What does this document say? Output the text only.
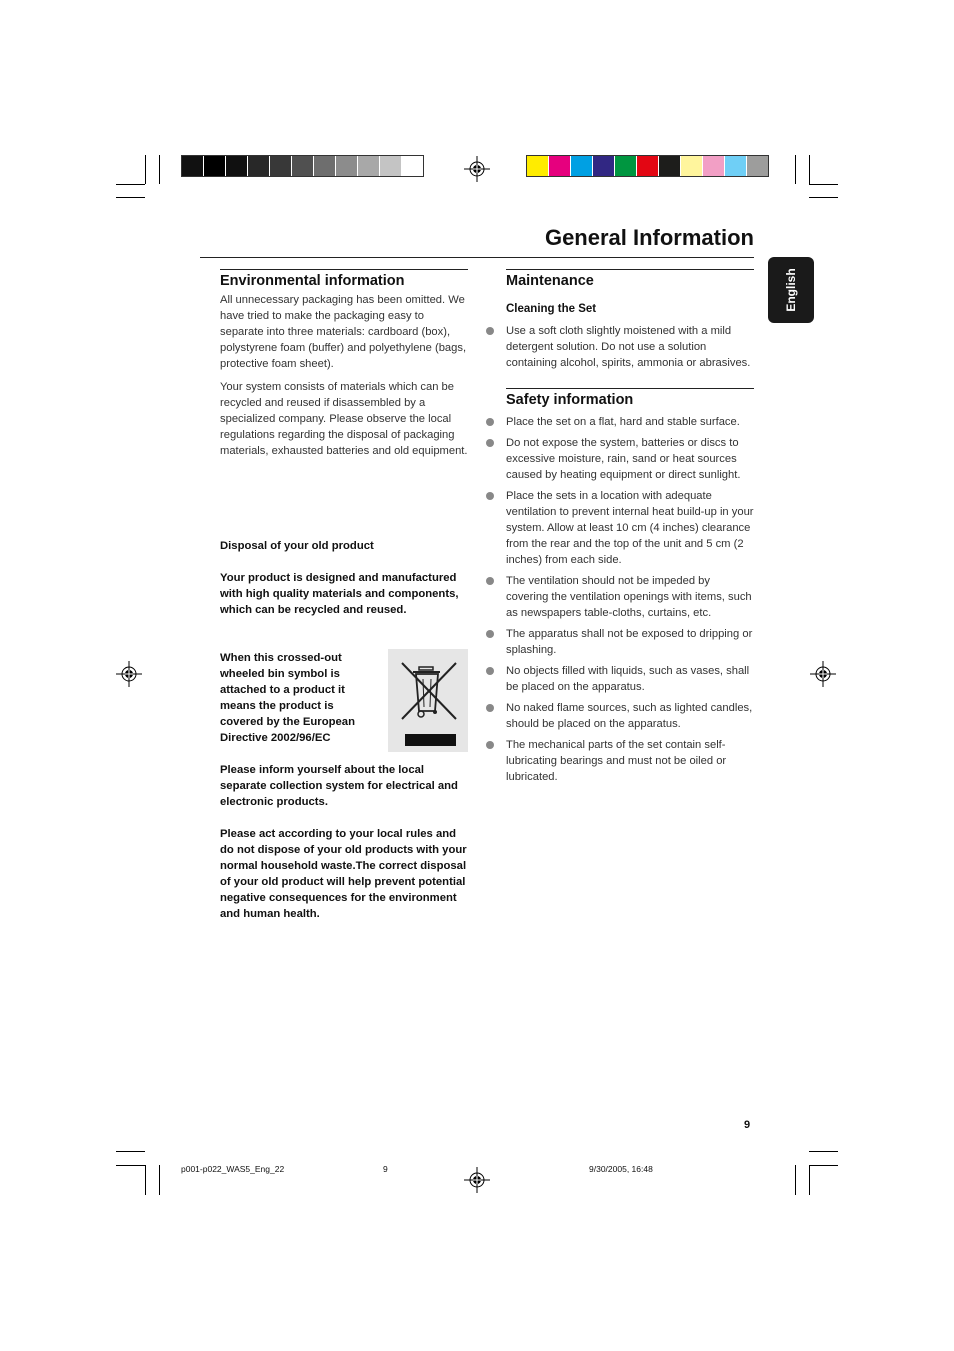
General Information
English
Environmental information

All unnecessary packaging has been omitted. We have tried to make the packaging easy to separate into three materials: cardboard (box), polystyrene foam (buffer) and polyethylene (bags, protective foam sheet).

Your system consists of materials which can be recycled and reused if disassembled by a specialized company. Please observe the local regulations regarding the disposal of packaging materials, exhausted batteries and old equipment.

Disposal of your old product
Your product is designed and manufactured with high quality materials and components, which can be recycled and reused.
When this crossed-out wheeled bin symbol is attached to a product it means the product is covered by the European Directive 2002/96/EC
Please inform yourself about the local separate collection system for electrical and electronic products.
Please act according to your local rules and do not dispose of your old products with your normal household waste.The correct disposal of your old product will help prevent potential negative consequences for the environment and human health.
Maintenance
Cleaning the Set
Use a soft cloth slightly moistened with a mild detergent solution. Do not use a solution containing alcohol, spirits, ammonia or abrasives.
Safety information
Place the set on a flat, hard and stable surface.
Do not expose the system, batteries or discs to excessive moisture, rain, sand or heat sources caused by heating equipment or direct sunlight.
Place the sets in a location with adequate ventilation to prevent internal heat build-up in your system. Allow at least 10 cm (4 inches) clearance from the rear and the top of the unit and 5 cm (2 inches) from each side.
The ventilation should not be impeded by covering the ventilation openings with items, such as newspapers table-cloths, curtains, etc.
The apparatus shall not be exposed to dripping or splashing.
No objects filled with liquids, such as vases, shall be placed on the apparatus.
No naked flame sources, such as lighted candles, should be placed on the apparatus.
The mechanical parts of the set contain self-lubricating bearings and must not be oiled or lubricated.
9
p001-p022_WAS5_Eng_22	9	9/30/2005, 16:48
